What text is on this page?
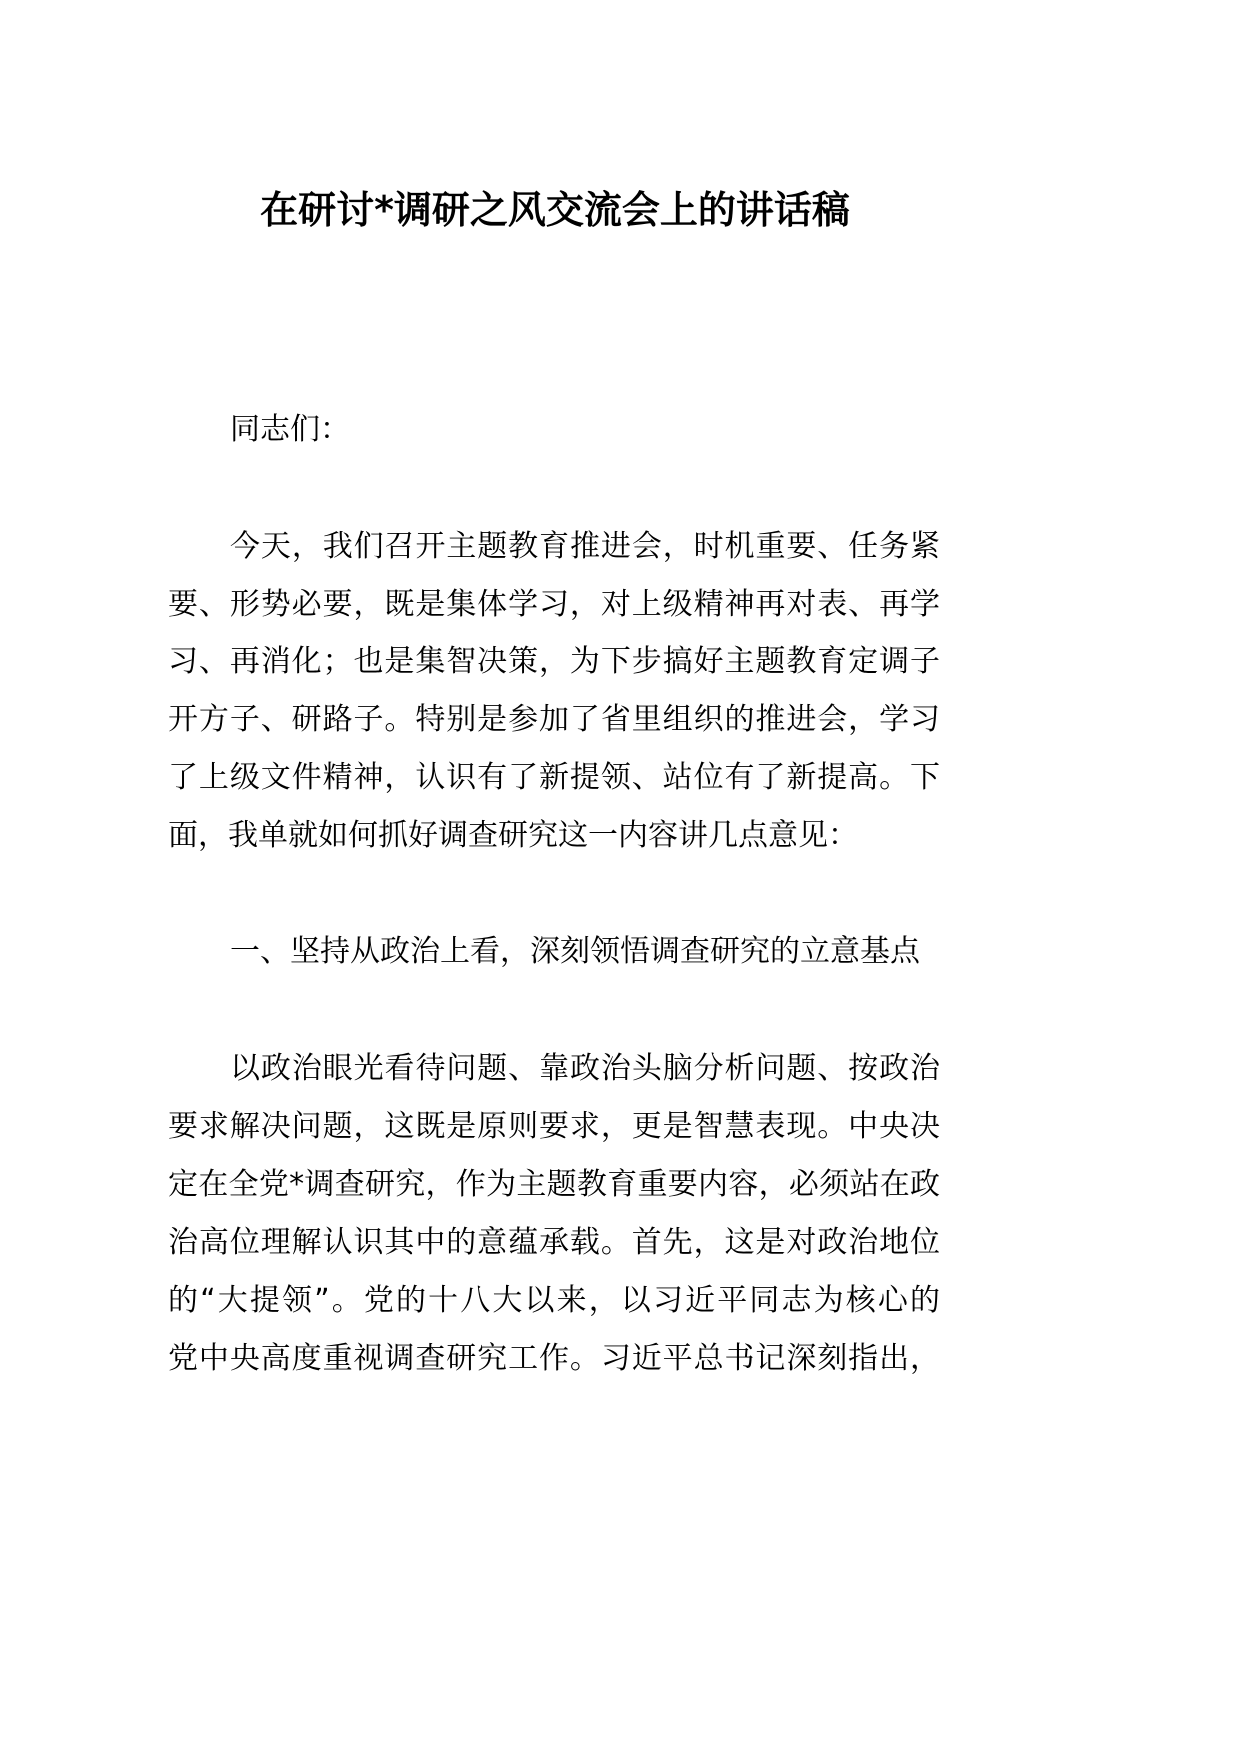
在研讨*调研之风交流会上的讲话稿
同志们：
今天，我们召开主题教育推进会，时机重要、任务紧
要、形势必要，既是集体学习，对上级精神再对表、再学
习、再消化；也是集智决策，为下步搞好主题教育定调子
开方子、研路子。特别是参加了省里组织的推进会，学习
了上级文件精神，认识有了新提领、站位有了新提高。下
面，我单就如何抓好调查研究这一内容讲几点意见：
一、坚持从政治上看，深刻领悟调查研究的立意基点
以政治眼光看待问题、靠政治头脑分析问题、按政治
要求解决问题，这既是原则要求，更是智慧表现。中央决
定在全党*调查研究，作为主题教育重要内容，必须站在政
治高位理解认识其中的意蕴承载。首先，这是对政治地位
的“大提领”。党的十八大以来，以习近平同志为核心的
党中央高度重视调查研究工作。习近平总书记深刻指出，
